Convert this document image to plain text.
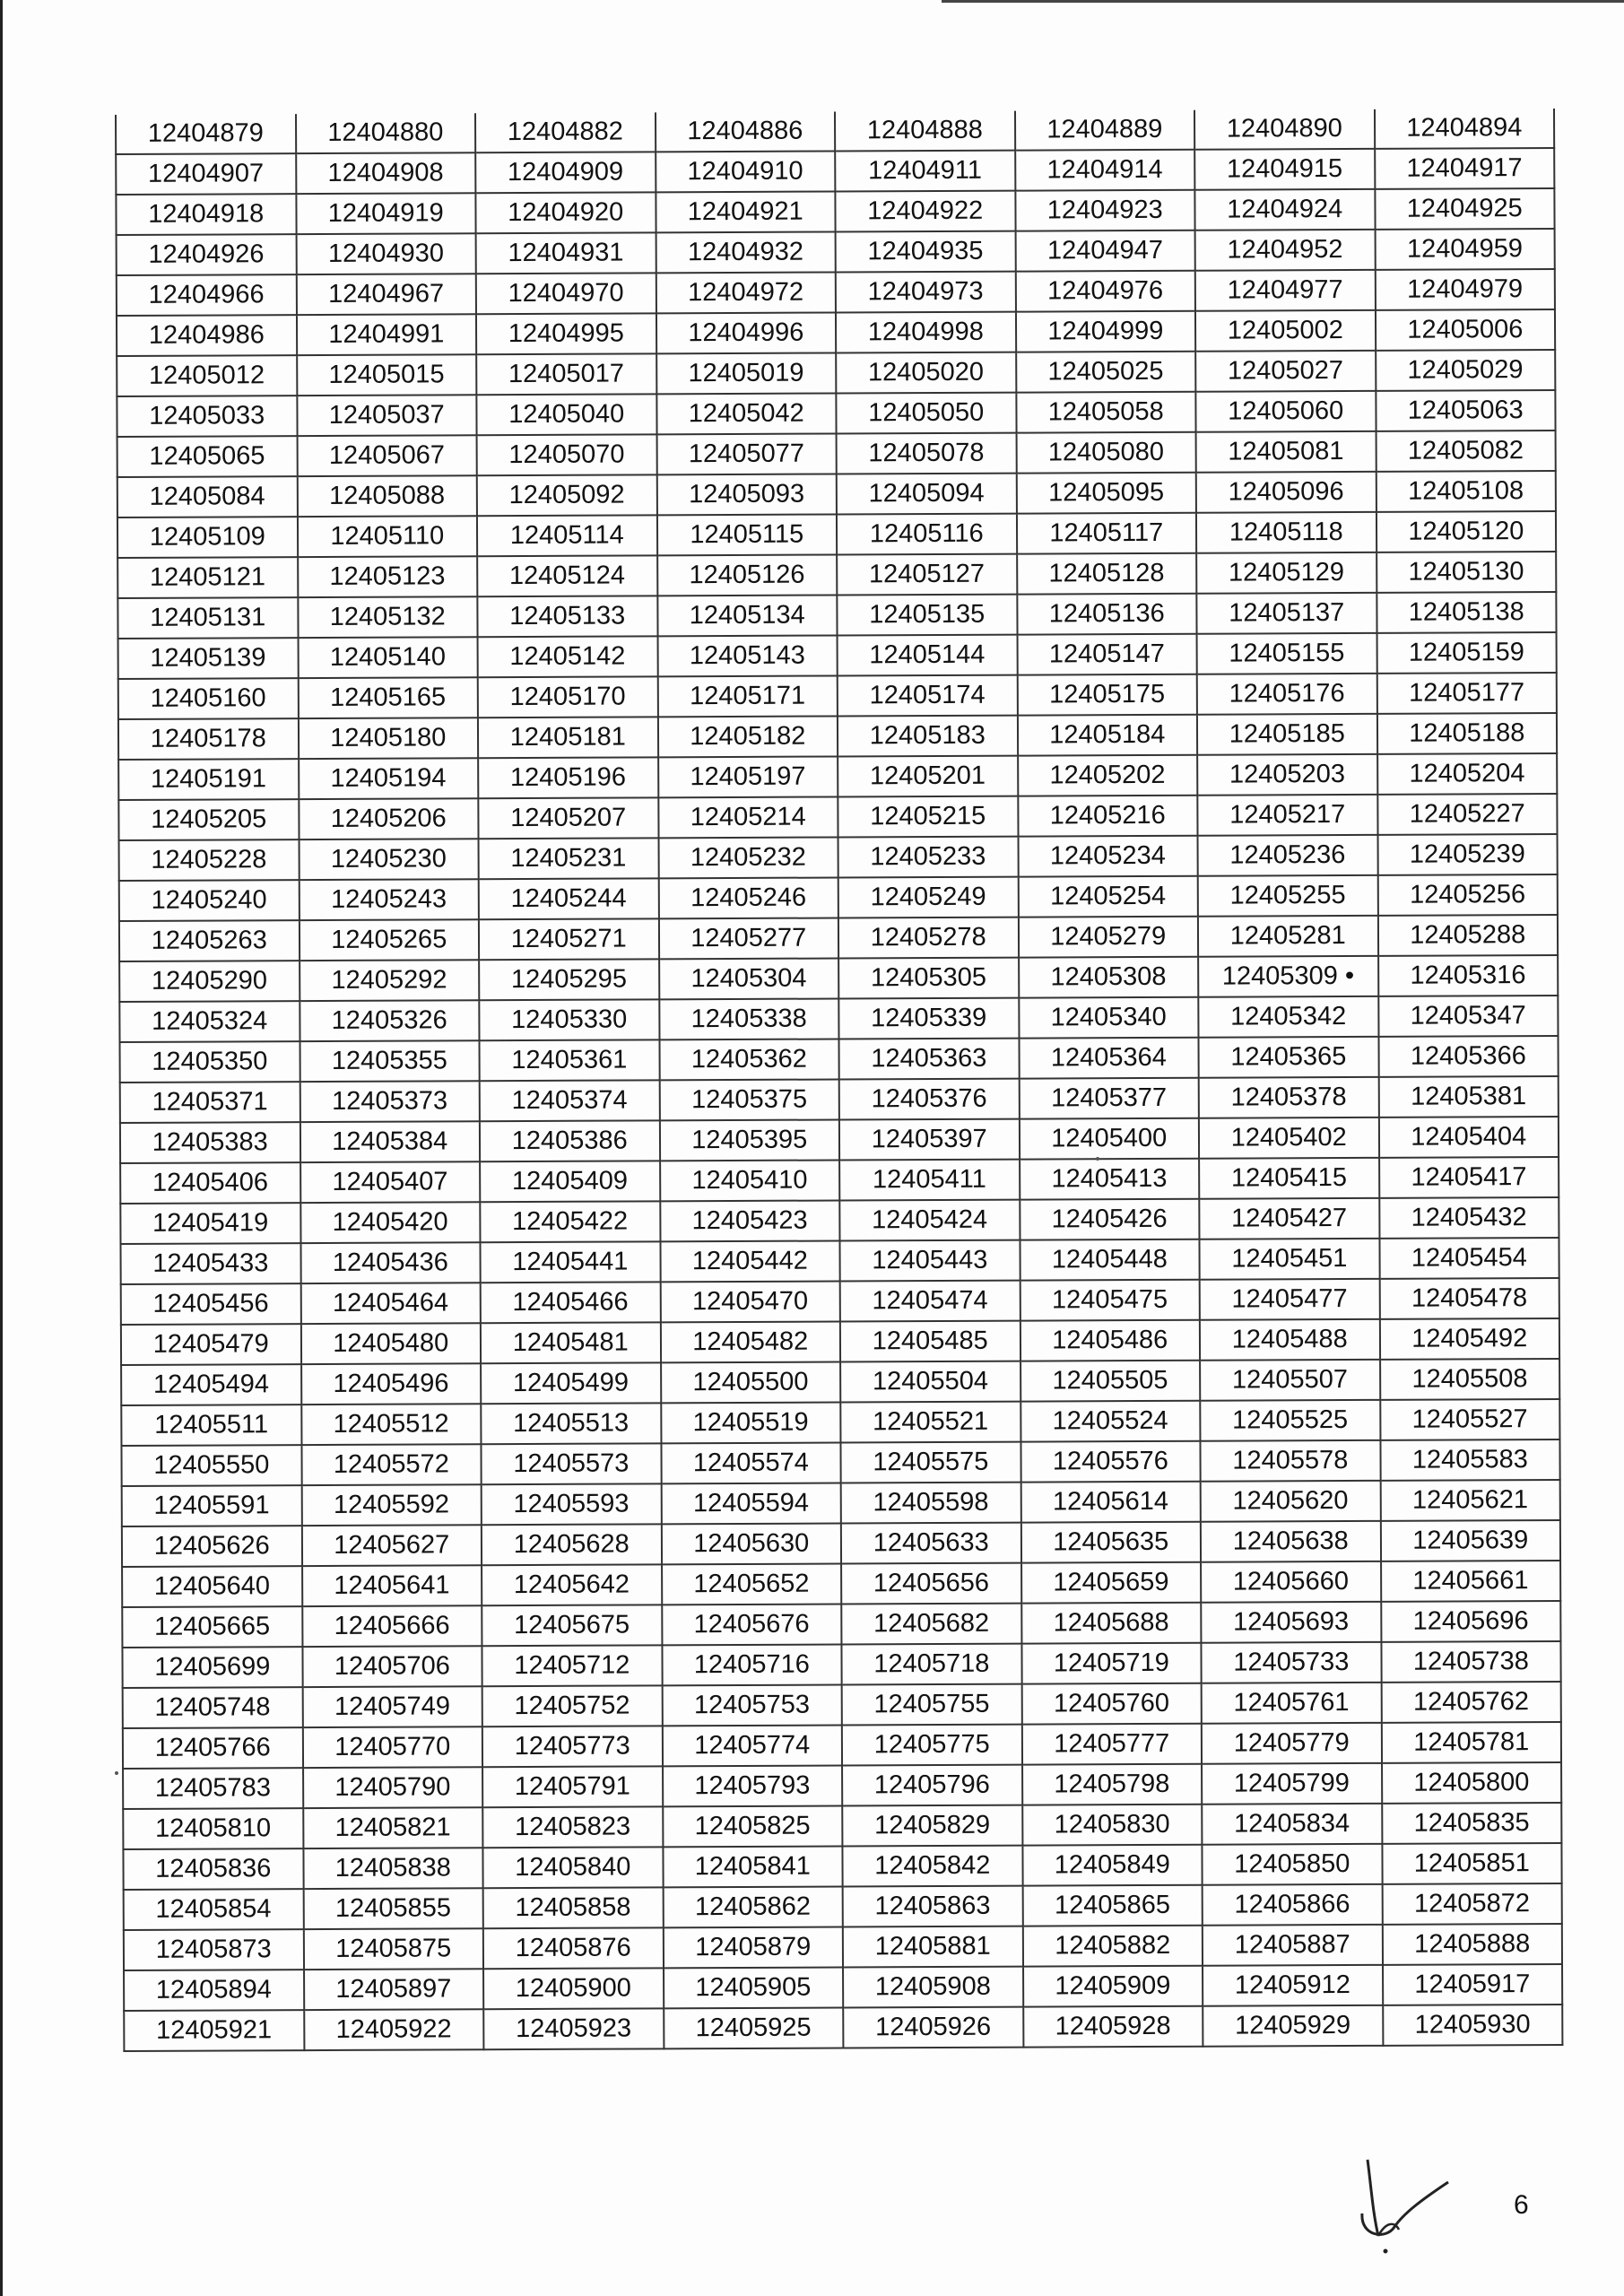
12404879	12404880	12404882	12404886	12404888	12404889	12404890	12404894
12404907	12404908	12404909	12404910	12404911	12404914	12404915	12404917
12404918	12404919	12404920	12404921	12404922	12404923	12404924	12404925
12404926	12404930	12404931	12404932	12404935	12404947	12404952	12404959
12404966	12404967	12404970	12404972	12404973	12404976	12404977	12404979
12404986	12404991	12404995	12404996	12404998	12404999	12405002	12405006
12405012	12405015	12405017	12405019	12405020	12405025	12405027	12405029
12405033	12405037	12405040	12405042	12405050	12405058	12405060	12405063
12405065	12405067	12405070	12405077	12405078	12405080	12405081	12405082
12405084	12405088	12405092	12405093	12405094	12405095	12405096	12405108
12405109	12405110	12405114	12405115	12405116	12405117	12405118	12405120
12405121	12405123	12405124	12405126	12405127	12405128	12405129	12405130
12405131	12405132	12405133	12405134	12405135	12405136	12405137	12405138
12405139	12405140	12405142	12405143	12405144	12405147	12405155	12405159
12405160	12405165	12405170	12405171	12405174	12405175	12405176	12405177
12405178	12405180	12405181	12405182	12405183	12405184	12405185	12405188
12405191	12405194	12405196	12405197	12405201	12405202	12405203	12405204
12405205	12405206	12405207	12405214	12405215	12405216	12405217	12405227
12405228	12405230	12405231	12405232	12405233	12405234	12405236	12405239
12405240	12405243	12405244	12405246	12405249	12405254	12405255	12405256
12405263	12405265	12405271	12405277	12405278	12405279	12405281	12405288
12405290	12405292	12405295	12405304	12405305	12405308	12405309 •	12405316
12405324	12405326	12405330	12405338	12405339	12405340	12405342	12405347
12405350	12405355	12405361	12405362	12405363	12405364	12405365	12405366
12405371	12405373	12405374	12405375	12405376	12405377	12405378	12405381
12405383	12405384	12405386	12405395	12405397	12405400	12405402	12405404
12405406	12405407	12405409	12405410	12405411	12405413	12405415	12405417
12405419	12405420	12405422	12405423	12405424	12405426	12405427	12405432
12405433	12405436	12405441	12405442	12405443	12405448	12405451	12405454
12405456	12405464	12405466	12405470	12405474	12405475	12405477	12405478
12405479	12405480	12405481	12405482	12405485	12405486	12405488	12405492
12405494	12405496	12405499	12405500	12405504	12405505	12405507	12405508
12405511	12405512	12405513	12405519	12405521	12405524	12405525	12405527
12405550	12405572	12405573	12405574	12405575	12405576	12405578	12405583
12405591	12405592	12405593	12405594	12405598	12405614	12405620	12405621
12405626	12405627	12405628	12405630	12405633	12405635	12405638	12405639
12405640	12405641	12405642	12405652	12405656	12405659	12405660	12405661
12405665	12405666	12405675	12405676	12405682	12405688	12405693	12405696
12405699	12405706	12405712	12405716	12405718	12405719	12405733	12405738
12405748	12405749	12405752	12405753	12405755	12405760	12405761	12405762
12405766	12405770	12405773	12405774	12405775	12405777	12405779	12405781
12405783	12405790	12405791	12405793	12405796	12405798	12405799	12405800
12405810	12405821	12405823	12405825	12405829	12405830	12405834	12405835
12405836	12405838	12405840	12405841	12405842	12405849	12405850	12405851
12405854	12405855	12405858	12405862	12405863	12405865	12405866	12405872
12405873	12405875	12405876	12405879	12405881	12405882	12405887	12405888
12405894	12405897	12405900	12405905	12405908	12405909	12405912	12405917
12405921	12405922	12405923	12405925	12405926	12405928	12405929	12405930
6
